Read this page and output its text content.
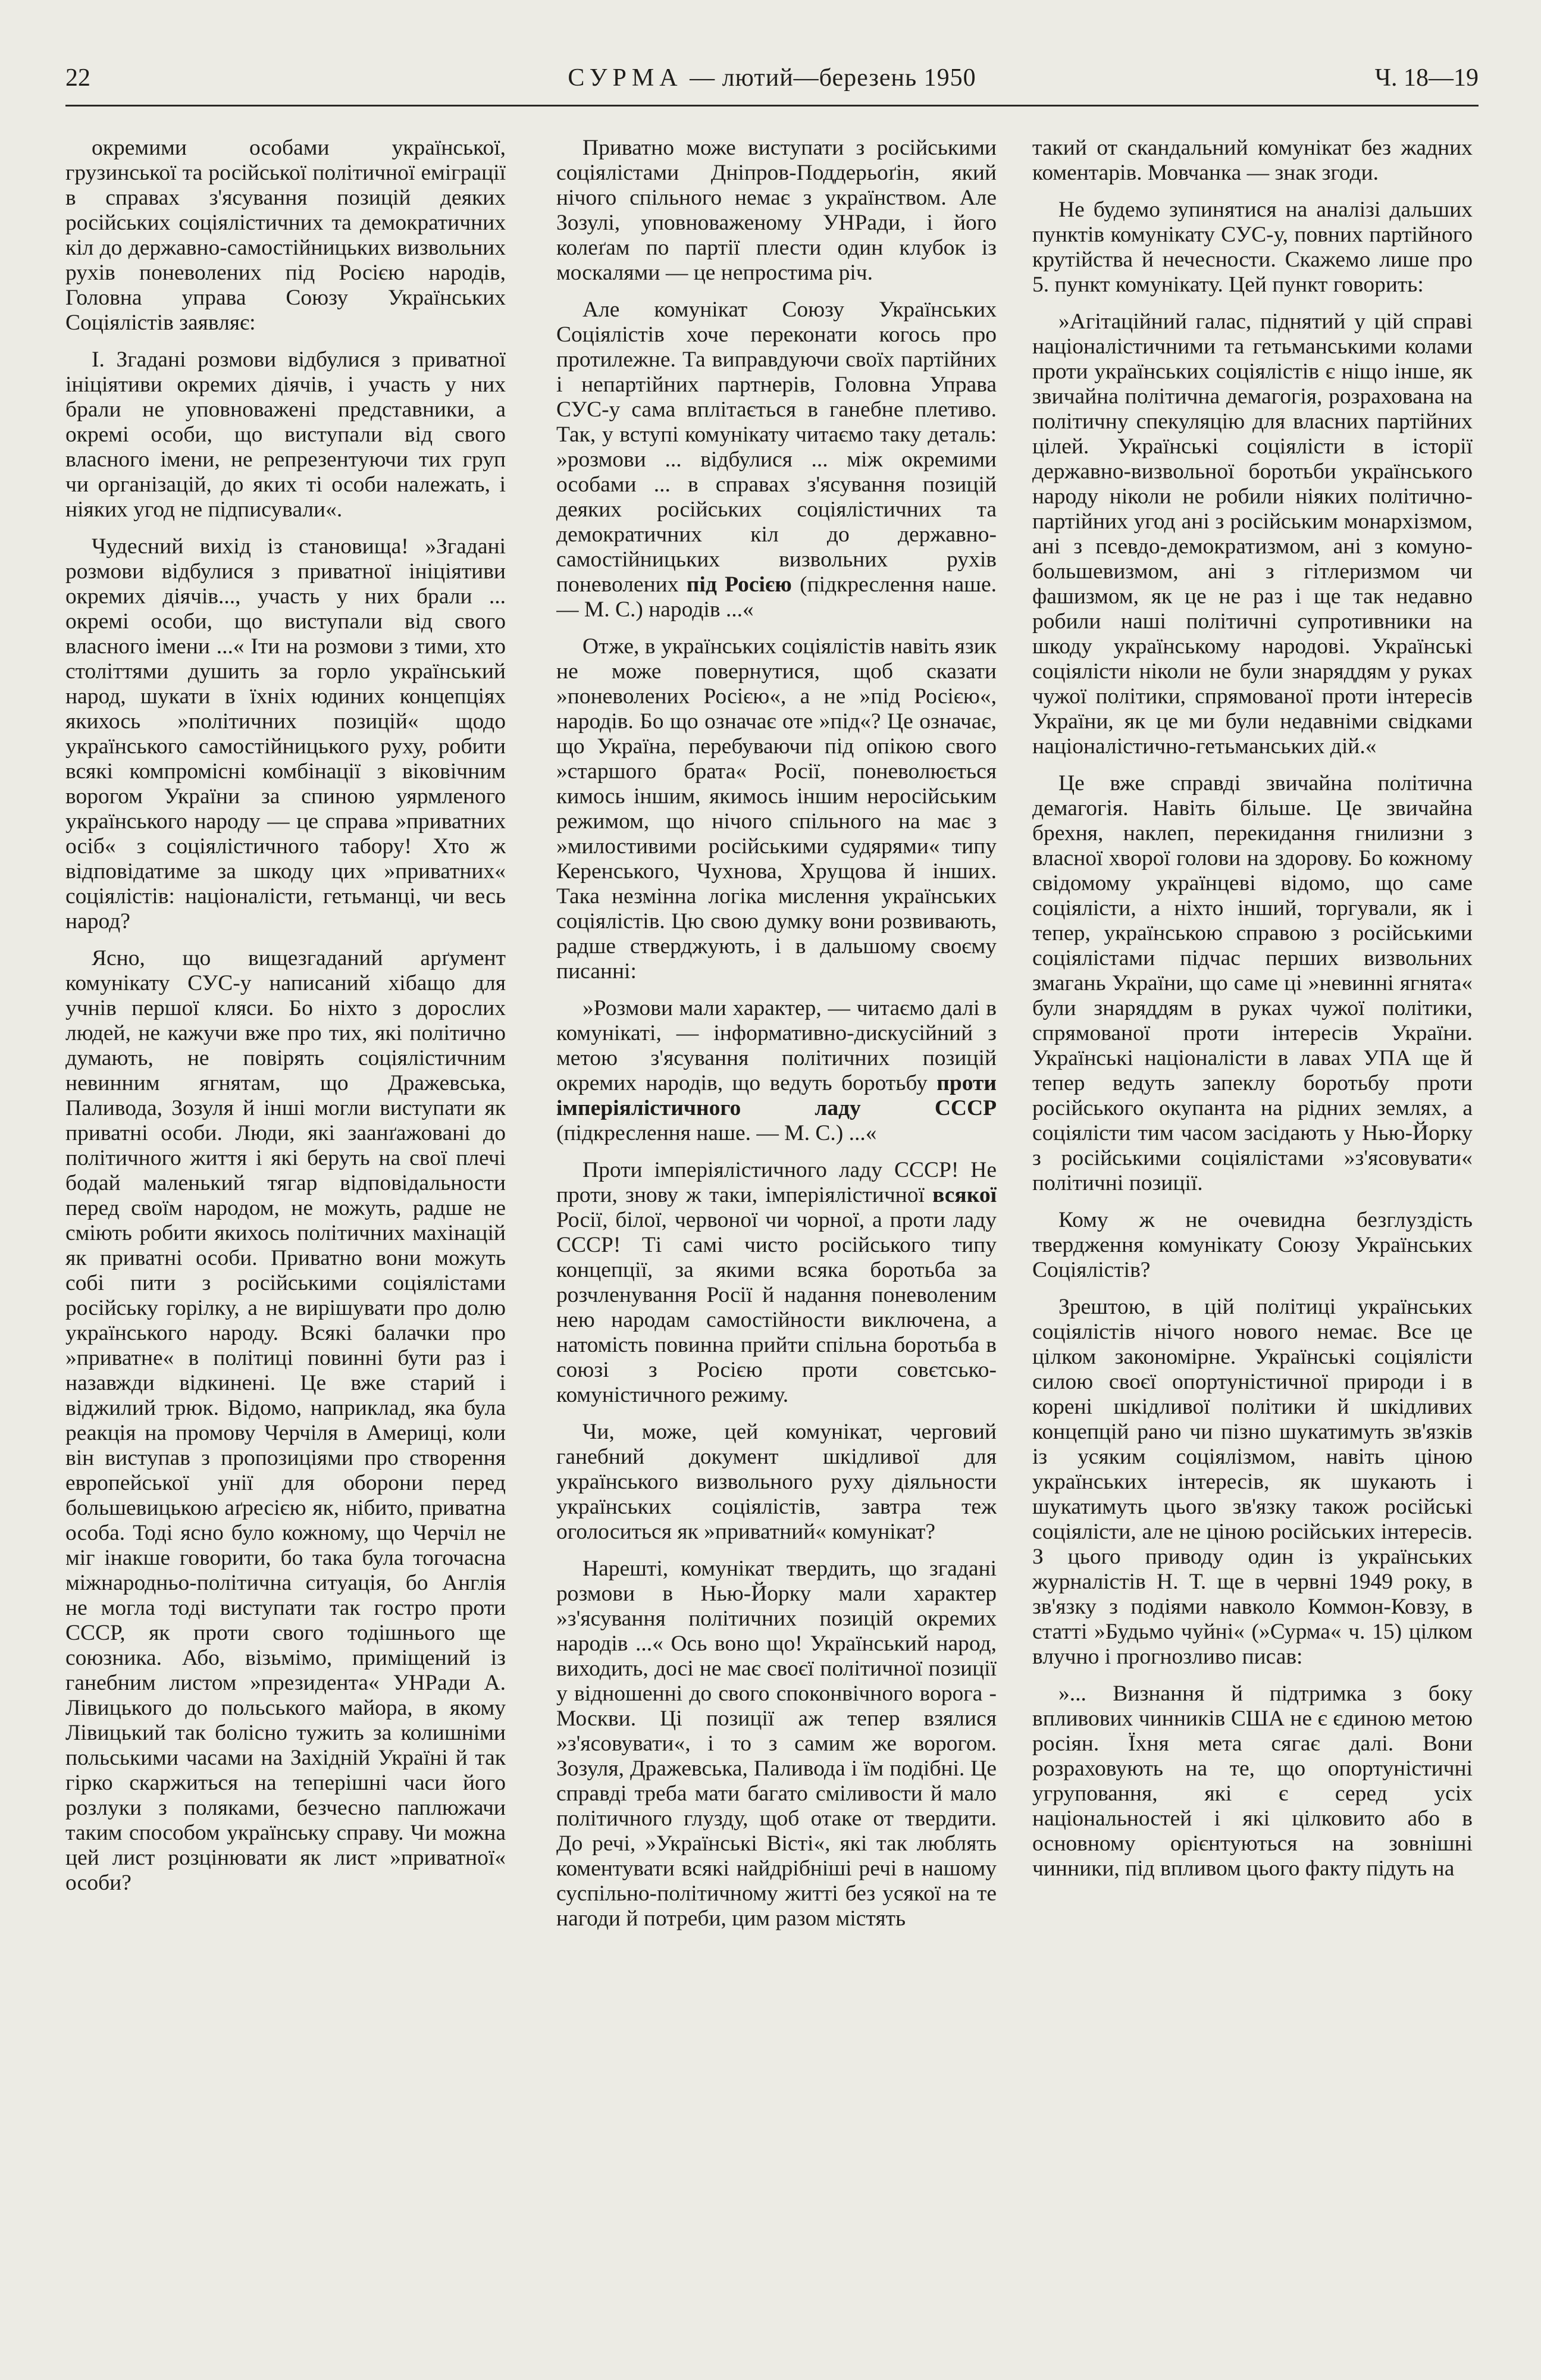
22	СУРМА — лютий—березень 1950	Ч. 18—19

окремими особами української, грузинської та російської політичної еміграції в справах з'ясування позицій деяких російських соціялістичних та демократичних кіл до державно-самостійницьких визвольних рухів поневолених під Росією народів, Головна управа Союзу Українських Соціялістів заявляє:

І. Згадані розмови відбулися з приватної ініціятиви окремих діячів, і участь у них брали не уповноважені представники, а окремі особи, що виступали від свого власного імени, не репрезентуючи тих груп чи організацій, до яких ті особи належать, і ніяких угод не підписували«.

Чудесний вихід із становища! »Згадані розмови відбулися з приватної ініціятиви окремих діячів..., участь у них брали ... окремі особи, що виступали від свого власного імени ...« Іти на розмови з тими, хто століттями душить за горло український народ, шукати в їхніх юдиних концепціях якихось »політичних позицій« щодо українського самостійницького руху, робити всякі компромісні комбінації з віковічним ворогом України за спиною уярмленого українського народу — це справа »приватних осіб« з соціялістичного табору! Хто ж відповідатиме за шкоду цих »приватних« соціялістів: націоналісти, гетьманці, чи весь народ?

Ясно, що вищезгаданий арґумент комунікату СУС-у написаний хібащо для учнів першої кляси. Бо ніхто з дорослих людей, не кажучи вже про тих, які політично думають, не повірять соціялістичним невинним ягнятам, що Дражевська, Паливода, Зозуля й інші могли виступати як приватні особи. Люди, які заанґажовані до політичного життя і які беруть на свої плечі бодай маленький тягар відповідальности перед своїм народом, не можуть, радше не сміють робити якихось політичних махінацій як приватні особи. Приватно вони можуть собі пити з російськими соціялістами російську горілку, а не вирішувати про долю українського народу. Всякі балачки про »приватне« в політиці повинні бути раз і назавжди відкинені. Це вже старий і віджилий трюк. Відомо, наприклад, яка була реакція на промову Черчіля в Америці, коли він виступав з пропозиціями про створення европейської унії для оборони перед большевицькою аґресією як, нібито, приватна особа. Тоді ясно було кожному, що Черчіл не міг інакше говорити, бо така була тогочасна міжнародньо-політична ситуація, бо Англія не могла тоді виступати так гостро проти СССР, як проти свого тодішнього ще союзника. Або, візьмімо, приміщений із ганебним листом »президента« УНРади А. Лівицького до польського майора, в якому Лівицький так болісно тужить за колишніми польськими часами на Західній Україні й так гірко скаржиться на теперішні часи його розлуки з поляками, безчесно паплюжачи таким способом українську справу. Чи можна цей лист розцінювати як лист »приватної« особи?

Приватно може виступати з російськими соціялістами Дніпров-Поддерьоґін, який нічого спільного немає з українством. Але Зозулі, уповноваженому УНРади, і його колеґам по партії плести один клубок із москалями — це непростима річ.

Але комунікат Союзу Українських Соціялістів хоче переконати когось про протилежне. Та виправдуючи своїх партійних і непартійних партнерів, Головна Управа СУС-у сама вплітається в ганебне плетиво. Так, у вступі комунікату читаємо таку деталь: »розмови ... відбулися ... між окремими особами ... в справах з'ясування позицій деяких російських соціялістичних та демократичних кіл до державно-самостійницьких визвольних рухів поневолених під Росією (підкреслення наше. — М. С.) народів ...«

Отже, в українських соціялістів навіть язик не може повернутися, щоб сказати »поневолених Росією«, а не »під Росією«, народів. Бо що означає оте »під«? Це означає, що Україна, перебуваючи під опікою свого »старшого брата« Росії, поневолюється кимось іншим, якимось іншим неросійським режимом, що нічого спільного на має з »милостивими російськими судярями« типу Керенського, Чухнова, Хрущова й інших. Така незмінна логіка мислення українських соціялістів. Цю свою думку вони розвивають, радше стверджують, і в дальшому своєму писанні:

»Розмови мали характер, — читаємо далі в комунікаті, — інформативно-дискусійний з метою з'ясування політичних позицій окремих народів, що ведуть боротьбу проти імперіялістичного ладу СССР (підкреслення наше. — М. С.) ...«

Проти імперіялістичного ладу СССР! Не проти, знову ж таки, імперіялістичної всякої Росії, білої, червоної чи чорної, а проти ладу СССР! Ті самі чисто російського типу концепції, за якими всяка боротьба за розчленування Росії й надання поневоленим нею народам самостійности виключена, а натомість повинна прийти спільна боротьба в союзі з Росією проти совєтсько-комуністичного режиму.

Чи, може, цей комунікат, черговий ганебний документ шкідливої для українського визвольного руху діяльности українських соціялістів, завтра теж оголоситься як »приватний« комунікат?

Нарешті, комунікат твердить, що згадані розмови в Нью-Йорку мали характер »з'ясування політичних позицій окремих народів ...« Ось воно що! Український народ, виходить, досі не має своєї політичної позиції у відношенні до свого споконвічного ворога - Москви. Ці позиції аж тепер взялися »з'ясовувати«, і то з самим же ворогом. Зозуля, Дражевська, Паливода і їм подібні. Це справді треба мати багато сміливости й мало політичного глузду, щоб отаке от твердити. До речі, »Українські Вісті«, які так люблять коментувати всякі найдрібніші речі в нашому суспільно-політичному житті без усякої на те нагоди й потреби, цим разом містять

такий от скандальний комунікат без жадних коментарів. Мовчанка — знак згоди.

Не будемо зупинятися на аналізі дальших пунктів комунікату СУС-у, повних партійного крутійства й нечесности. Скажемо лише про 5. пункт комунікату. Цей пункт говорить:

»Агітаційний галас, піднятий у цій справі націоналістичними та гетьманськими колами проти українських соціялістів є ніщо інше, як звичайна політична демагогія, розрахована на політичну спекуляцію для власних партійних цілей. Українські соціялісти в історії державно-визвольної боротьби українського народу ніколи не робили ніяких політично-партійних угод ані з російським монархізмом, ані з псевдо-демократизмом, ані з комуно-большевизмом, ані з гітлеризмом чи фашизмом, як це не раз і ще так недавно робили наші політичні супротивники на шкоду українському народові. Українські соціялісти ніколи не були знаряддям у руках чужої політики, спрямованої проти інтересів України, як це ми були недавніми свідками націоналістично-гетьманських дій.«

Це вже справді звичайна політична демагогія. Навіть більше. Це звичайна брехня, наклеп, перекидання гнилизни з власної хворої голови на здорову. Бо кожному свідомому українцеві відомо, що саме соціялісти, а ніхто інший, торгували, як і тепер, українською справою з російськими соціялістами підчас перших визвольних змагань України, що саме ці »невинні ягнята« були знаряддям в руках чужої політики, спрямованої проти інтересів України. Українські націоналісти в лавах УПА ще й тепер ведуть запеклу боротьбу проти російського окупанта на рідних землях, а соціялісти тим часом засідають у Нью-Йорку з російськими соціялістами »з'ясовувати« політичні позиції.

Кому ж не очевидна безглуздість твердження комунікату Союзу Українських Соціялістів?

Зрештою, в цій політиці українських соціялістів нічого нового немає. Все це цілком закономірне. Українські соціялісти силою своєї опортуністичної природи і в корені шкідливої політики й шкідливих концепцій рано чи пізно шукатимуть зв'язків із усяким соціялізмом, навіть ціною українських інтересів, як шукають і шукатимуть цього зв'язку також російські соціялісти, але не ціною російських інтересів. З цього приводу один із українських журналістів Н. Т. ще в червні 1949 року, в зв'язку з подіями навколо Коммон-Ковзу, в статті »Будьмо чуйні« (»Сурма« ч. 15) цілком влучно і прогнозливо писав:

»... Визнання й підтримка з боку впливових чинників США не є єдиною метою росіян. Їхня мета сягає далі. Вони розраховують на те, що опортуністичні угруповання, які є серед усіх національностей і які цілковито або в основному орієнтуються на зовнішні чинники, під впливом цього факту підуть на
